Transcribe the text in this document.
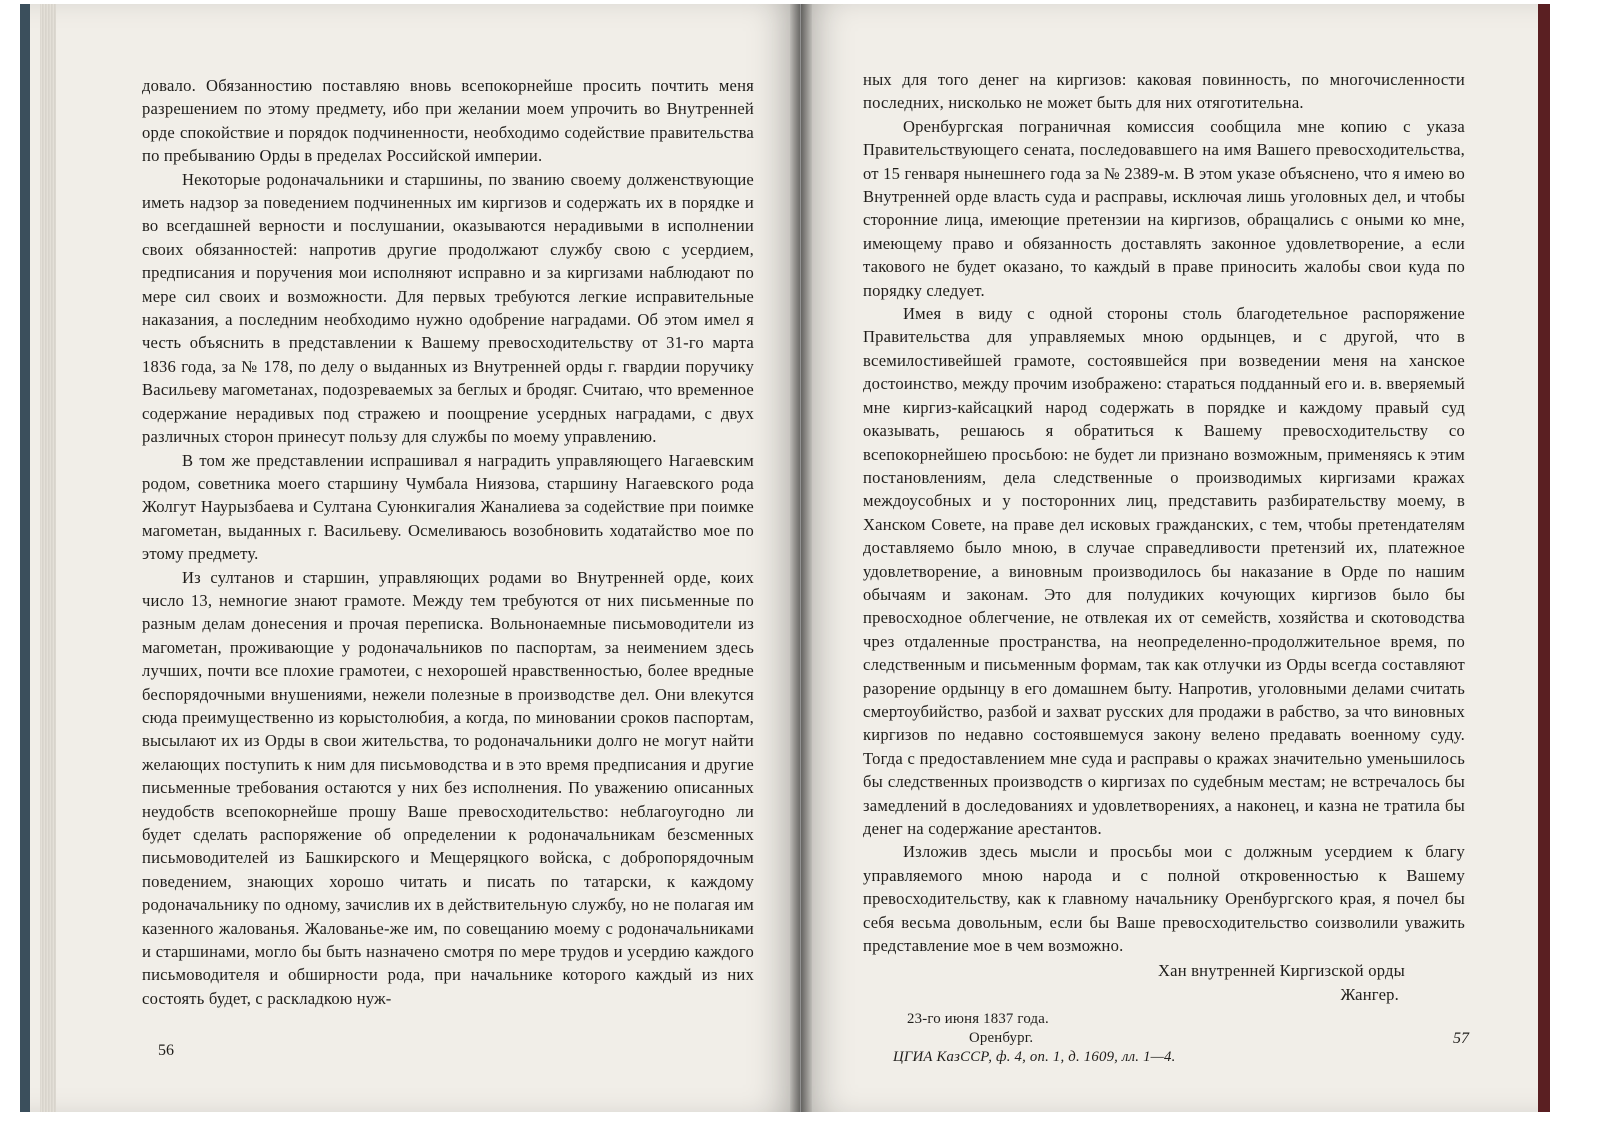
довало. Обязанностию поставляю вновь всепокорнейше просить почтить меня разрешением по этому предмету, ибо при желании моем упрочить во Внутренней орде спокойствие и порядок подчиненности, необходимо содействие правительства по пребыванию Орды в пределах Российской империи.

Некоторые родоначальники и старшины, по званию своему долженствующие иметь надзор за поведением подчиненных им киргизов и содержать их в порядке и во всегдашней верности и послушании, оказываются нерадивыми в исполнении своих обязанностей: напротив другие продолжают службу свою с усердием, предписания и поручения мои исполняют исправно и за киргизами наблюдают по мере сил своих и возможности. Для первых требуются легкие исправительные наказания, а последним необходимо нужно одобрение наградами. Об этом имел я честь объяснить в представлении к Вашему превосходительству от 31-го марта 1836 года, за № 178, по делу о выданных из Внутренней орды г. гвардии поручику Васильеву магометанах, подозреваемых за беглых и бродяг. Считаю, что временное содержание нерадивых под стражею и поощрение усердных наградами, с двух различных сторон принесут пользу для службы по моему управлению.

В том же представлении испрашивал я наградить управляющего Нагаевским родом, советника моего старшину Чумбала Ниязова, старшину Нагаевского рода Жолгут Наурызбаева и Султана Суюнкигалия Жаналиева за содействие при поимке магометан, выданных г. Васильеву. Осмеливаюсь возобновить ходатайство мое по этому предмету.

Из султанов и старшин, управляющих родами во Внутренней орде, коих число 13, немногие знают грамоте. Между тем требуются от них письменные по разным делам донесения и прочая переписка. Вольнонаемные письмоводители из магометан, проживающие у родоначальников по паспортам, за неимением здесь лучших, почти все плохие грамотеи, с нехорошей нравственностью, более вредные беспорядочными внушениями, нежели полезные в производстве дел. Они влекутся сюда преимущественно из корыстолюбия, а когда, по миновании сроков паспортам, высылают их из Орды в свои жительства, то родоначальники долго не могут найти желающих поступить к ним для письмоводства и в это время предписания и другие письменные требования остаются у них без исполнения. По уважению описанных неудобств всепокорнейше прошу Ваше превосходительство: неблагоугодно ли будет сделать распоряжение об определении к родоначальникам безсменных письмоводителей из Башкирского и Мещеряцкого войска, с добропорядочным поведением, знающих хорошо читать и писать по татарски, к каждому родоначальнику по одному, зачислив их в действительную службу, но не полагая им казенного жалованья. Жалованье-же им, по совещанию моему с родоначальниками и старшинами, могло бы быть назначено смотря по мере трудов и усердию каждого письмоводителя и обширности рода, при начальнике которого каждый из них состоять будет, с раскладкою нуж-

56

ных для того денег на киргизов: каковая повинность, по многочисленности последних, нисколько не может быть для них отяготительна.

Оренбургская пограничная комиссия сообщила мне копию с указа Правительствующего сената, последовавшего на имя Вашего превосходительства, от 15 генваря нынешнего года за № 2389-м. В этом указе объяснено, что я имею во Внутренней орде власть суда и расправы, исключая лишь уголовных дел, и чтобы сторонние лица, имеющие претензии на киргизов, обращались с оными ко мне, имеющему право и обязанность доставлять законное удовлетворение, а если такового не будет оказано, то каждый в праве приносить жалобы свои куда по порядку следует.

Имея в виду с одной стороны столь благодетельное распоряжение Правительства для управляемых мною ордынцев, и с другой, что в всемилостивейшей грамоте, состоявшейся при возведении меня на ханское достоинство, между прочим изображено: стараться подданный его и. в. вверяемый мне киргиз-кайсацкий народ содержать в порядке и каждому правый суд оказывать, решаюсь я обратиться к Вашему превосходительству со всепокорнейшею просьбою: не будет ли признано возможным, применяясь к этим постановлениям, дела следственные о производимых киргизами кражах междоусобных и у посторонних лиц, представить разбирательству моему, в Ханском Совете, на праве дел исковых гражданских, с тем, чтобы претендателям доставляемо было мною, в случае справедливости претензий их, платежное удовлетворение, а виновным производилось бы наказание в Орде по нашим обычаям и законам. Это для полудиких кочующих киргизов было бы превосходное облегчение, не отвлекая их от семейств, хозяйства и скотоводства чрез отдаленные пространства, на неопределенно-продолжительное время, по следственным и письменным формам, так как отлучки из Орды всегда составляют разорение ордынцу в его домашнем быту. Напротив, уголовными делами считать смертоубийство, разбой и захват русских для продажи в рабство, за что виновных киргизов по недавно состоявшемуся закону велено предавать военному суду. Тогда с предоставлением мне суда и расправы о кражах значительно уменьшилось бы следственных производств о киргизах по судебным местам; не встречалось бы замедлений в доследованиях и удовлетворениях, а наконец, и казна не тратила бы денег на содержание арестантов.

Изложив здесь мысли и просьбы мои с должным усердием к благу управляемого мною народа и с полной откровенностью к Вашему превосходительству, как к главному начальнику Оренбургского края, я почел бы себя весьма довольным, если бы Ваше превосходительство соизволили уважить представление мое в чем возможно.

Хан внутренней Киргизской орды

Жангер.

23-го июня 1837 года.
Оренбург.
ЦГИА КазССР, ф. 4, оп. 1, д. 1609, лл. 1—4.
57
